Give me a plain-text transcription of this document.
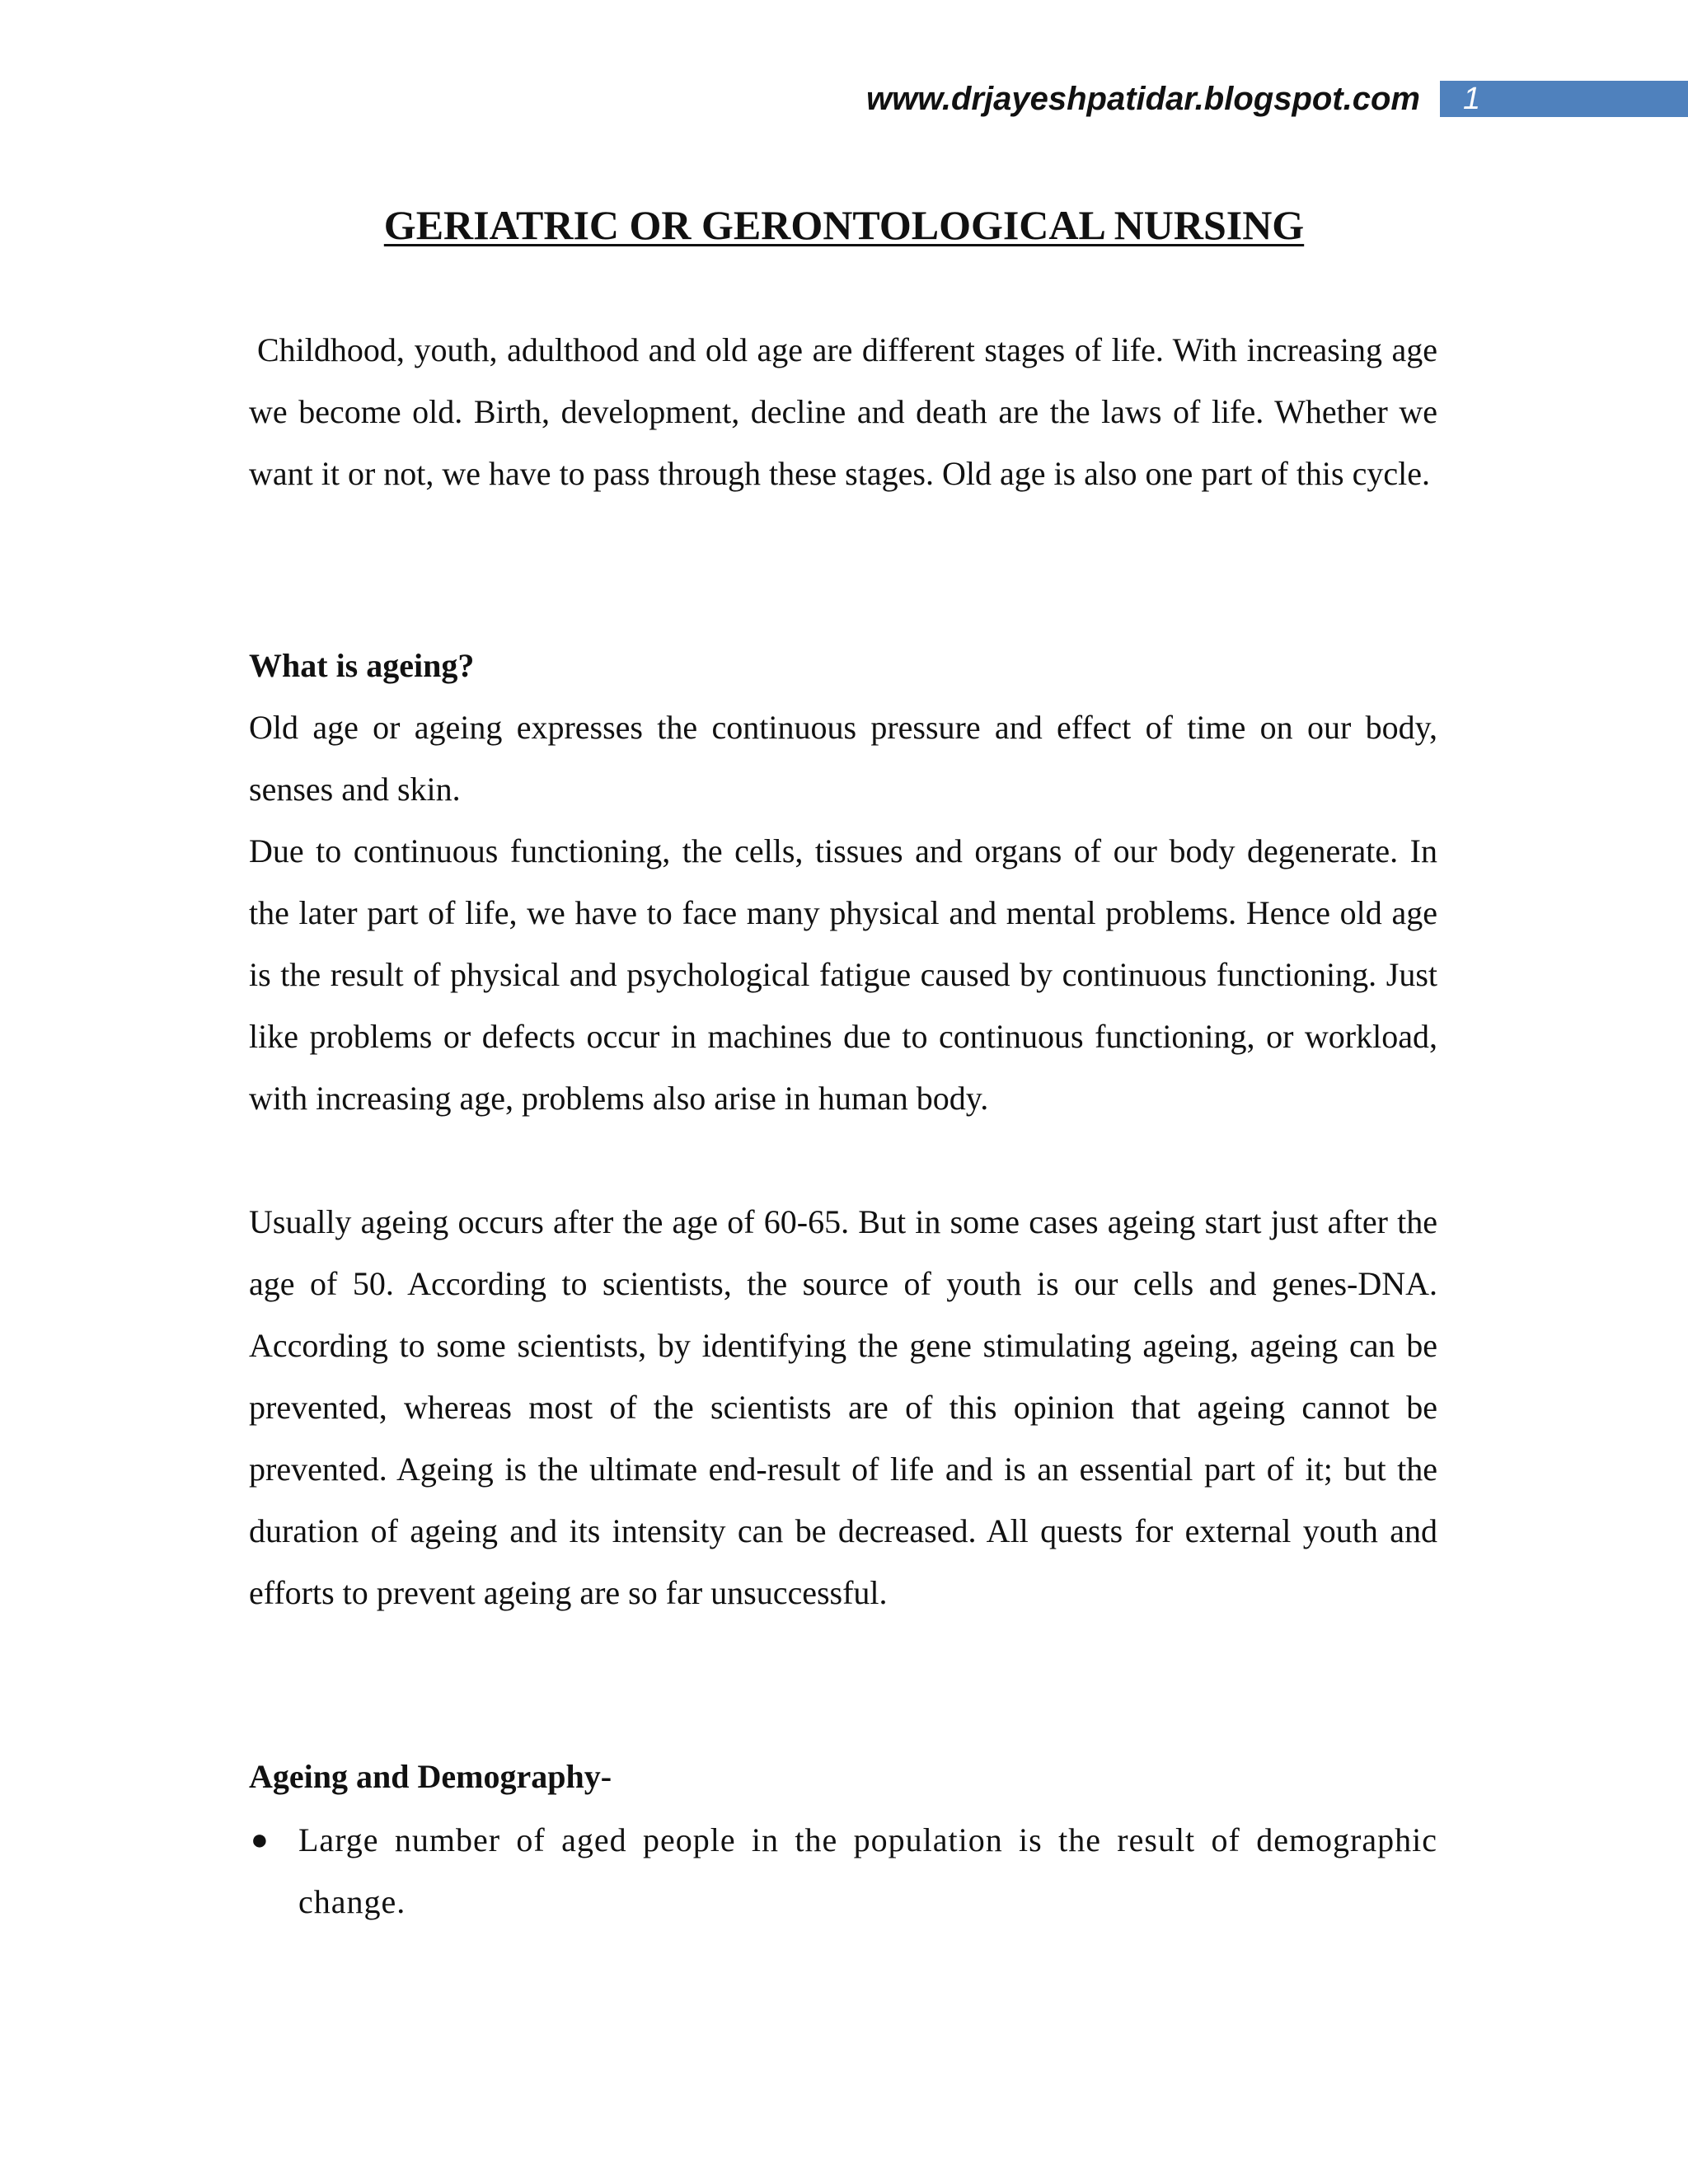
www.drjayeshpatidar.blogspot.com 1
GERIATRIC OR GERONTOLOGICAL NURSING

Childhood, youth, adulthood and old age are different stages of life. With increasing age we become old. Birth, development, decline and death are the laws of life. Whether we want it or not, we have to pass through these stages. Old age is also one part of this cycle.

What is ageing?

Old age or ageing expresses the continuous pressure and effect of time on our body, senses and skin.

Due to continuous functioning, the cells, tissues and organs of our body degenerate. In the later part of life, we have to face many physical and mental problems. Hence old age is the result of physical and psychological fatigue caused by continuous functioning. Just like problems or defects occur in machines due to continuous functioning, or workload, with increasing age, problems also arise in human body.

Usually ageing occurs after the age of 60-65. But in some cases ageing start just after the age of 50. According to scientists, the source of youth is our cells and genes-DNA. According to some scientists, by identifying the gene stimulating ageing, ageing can be prevented, whereas most of the scientists are of this opinion that ageing cannot be prevented. Ageing is the ultimate end-result of life and is an essential part of it; but the duration of ageing and its intensity can be decreased. All quests for external youth and efforts to prevent ageing are so far unsuccessful.

Ageing and Demography-

● Large number of aged people in the population is the result of demographic change.
